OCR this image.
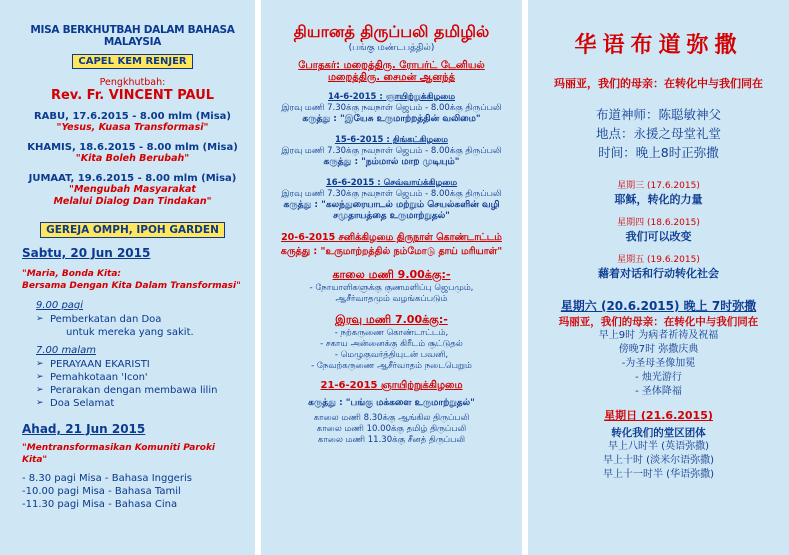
MISA BERKHUTBAH DALAM BAHASA MALAYSIA
CAPEL KEM RENJER
Pengkhutbah:
Rev. Fr. VINCENT PAUL
RABU, 17.6.2015 - 8.00 mlm (Misa)
"Yesus, Kuasa Transformasi"
KHAMIS, 18.6.2015 - 8.00 mlm (Misa)
"Kita Boleh Berubah"
JUMAAT, 19.6.2015 - 8.00 mlm (Misa)
"Mengubah Masyarakat Melalui Dialog Dan Tindakan"
GEREJA OMPH, IPOH GARDEN
Sabtu, 20 Jun 2015
"Maria, Bonda Kita:
Bersama Dengan Kita Dalam Transformasi"
9.00 pagi
➢ Pemberkatan dan Doa
untuk mereka yang sakit.
7.00 malam
➢ PERAYAAN EKARISTI
➢ Pemahkotaan 'Icon'
➢ Perarakan dengan membawa lilin
➢ Doa Selamat
Ahad, 21 Jun 2015
"Mentransformasikan Komuniti Paroki Kita"
- 8.30 pagi Misa - Bahasa Inggeris
-10.00 pagi Misa - Bahasa Tamil
-11.30 pagi Misa - Bahasa Cina
தியானத் திருப்பலி தமிழில்
(பங்கு மண்டபத்தில்)
போதகர்: மறைத்திரு. ரோபர்ட் டேனியல்
மறைத்திரு. சைமன் ஆனந்த்
14-6-2015 : ஞாயிற்றுக்கிழமை
இரவு மணி 7.30க்கு நவநாள் ஜெபம் - 8.00க்கு திருப்பலி
கருத்து : "இயேசு உருமாற்றத்தின் வலிமை"
15-6-2015 : திங்கட்கிழமை
இரவு மணி 7.30க்கு நவநாள் ஜெபம் - 8.00க்கு திருப்பலி
கருத்து : "நம்மால் மாற முடியும்"
16-6-2015 : செவ்வாய்க்கிழமை
இரவு மணி 7.30க்கு நவநாள் ஜெபம் - 8.00க்கு திருப்பலி
கருத்து : "கலந்துரையாடல் மற்றும் செயல்களின் வழி சமுதாயத்தை உருமாற்றுதல்"
20-6-2015 சனிக்கிழமை திருநாள் கொண்டாட்டம்
கருத்து : "உருமாற்றத்தில் நம்மோடு தாய் மரியாள்"
காலை மணி 9.00க்கு:-
- நோயாளிகளுக்கு குணமளிப்பு ஜெபமும்,
ஆசீர்வாதமும் வழங்கப்படும்
இரவு மணி 7.00க்கு:-
- நற்கருணை கொண்டாட்டம்,
- சகாய அன்னைக்கு கிரீடம் சூட்டுதல்
- மெழுகுவர்த்தியுடன் பவனி,
- நேவற்கருணை ஆசீர்வாதம் நடைபெறும்
21-6-2015 ஞாயிற்றுக்கிழமை
கருத்து : "பங்கு மக்களை உருமாற்றுதல்"
காலை மணி 8.30க்கு ஆங்கில திருப்பலி
காலை மணி 10.00க்கு தமிழ் திருப்பலி
காலை மணி 11.30க்கு சீனத் திருப்பலி
华语布道弥撒
玛丽亚，我们的母亲：在转化中与我们同在
布道神师：陈聪敏神父
地点：永援之母堂礼堂
时间：晚上8时正弥撒
星期三 (17.6.2015)
耶稣，转化的力量
星期四 (18.6.2015)
我们可以改变
星期五 (19.6.2015)
藉着对话和行动转化社会
星期六 (20.6.2015) 晚上 7时弥撒
玛丽亚，我们的母亲：在转化中与我们同在
早上9时 为病者祈祷及祝福
傍晚7时 弥撒庆典
-为圣母圣像加冕
- 烛光游行
- 圣体降福
星期日 (21.6.2015)
转化我们的堂区团体
早上八时半 (英语弥撒)
早上十时 (淡米尔语弥撒)
早上十一时半 (华语弥撒)
